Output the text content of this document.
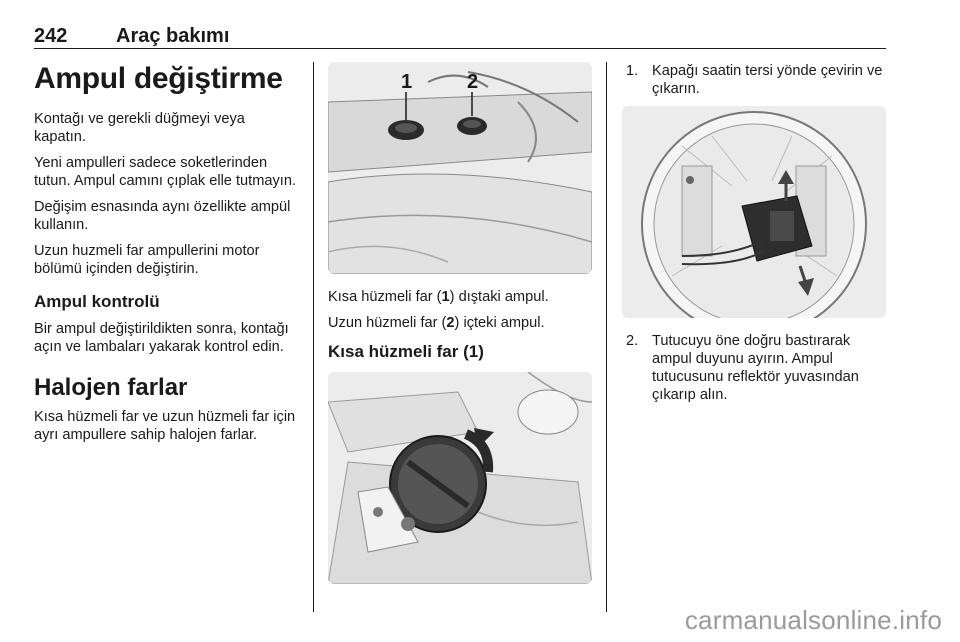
242 Araç bakımı
Ampul değiştirme

Kontağı ve gerekli düğmeyi veya kapatın.

Yeni ampulleri sadece soketlerinden tutun. Ampul camını çıplak elle tutmayın.

Değişim esnasında aynı özellikte ampül kullanın.

Uzun huzmeli far ampullerini motor bölümü içinden değiştirin.

Ampul kontrolü

Bir ampul değiştirildikten sonra, kontağı açın ve lambaları yakarak kontrol edin.

Halojen farlar

Kısa hüzmeli far ve uzun hüzmeli far için ayrı ampullere sahip halojen farlar.

1	2

Kısa hüzmeli far (1) dıştaki ampul.

Uzun hüzmeli far (2) içteki ampul.

Kısa hüzmeli far (1)
1. Kapağı saatin tersi yönde çevirin ve çıkarın.
2. Tutucuyu öne doğru bastırarak ampul duyunu ayırın. Ampul tutucusunu reflektör yuvasından çıkarıp alın.
carmanualsonline.info
